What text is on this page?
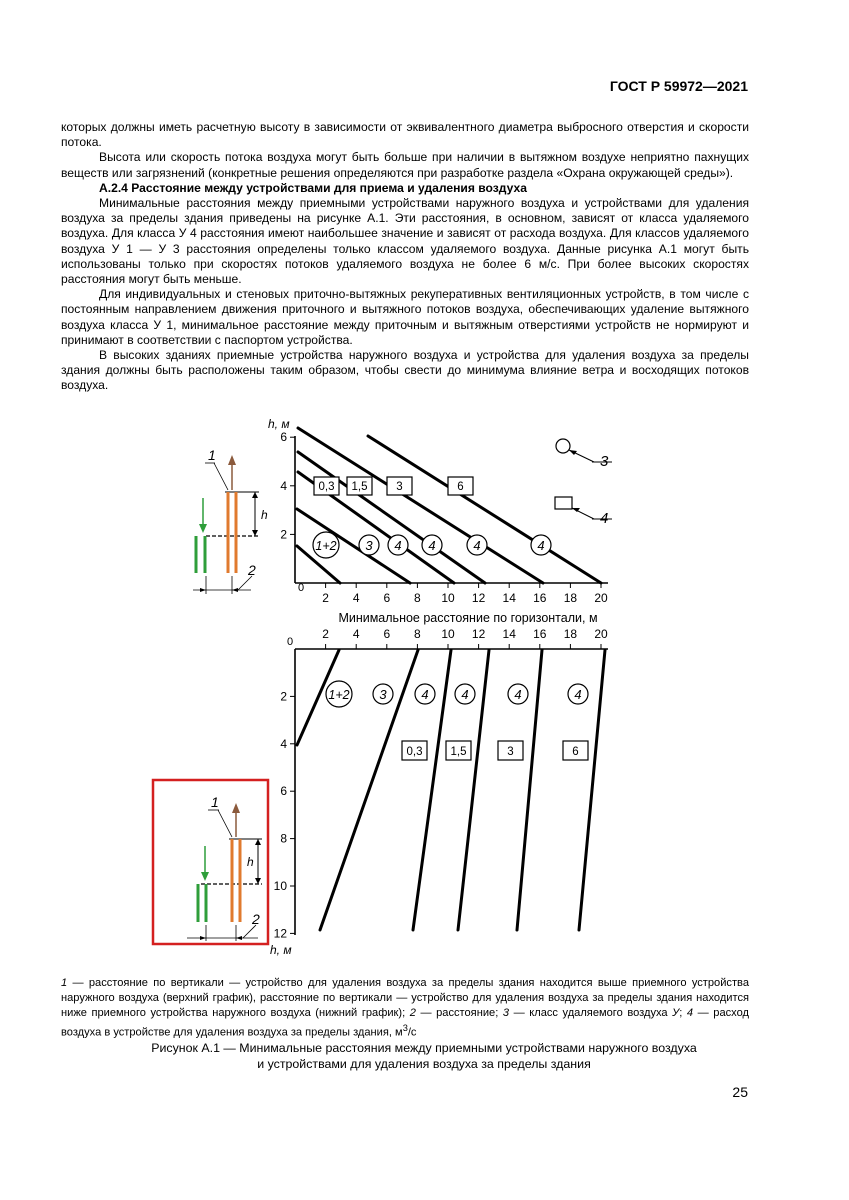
ГОСТ Р 59972—2021

которых должны иметь расчетную высоту в зависимости от эквивалентного диаметра выбросного отверстия и скорости потока.

Высота или скорость потока воздуха могут быть больше при наличии в вытяжном воздухе неприятно пахнущих веществ или загрязнений (конкретные решения определяются при разработке раздела «Охрана окружающей среды»).

А.2.4 Расстояние между устройствами для приема и удаления воздуха

Минимальные расстояния между приемными устройствами наружного воздуха и устройствами для удаления воздуха за пределы здания приведены на рисунке А.1. Эти расстояния, в основном, зависят от класса удаляемого воздуха. Для класса У 4 расстояния имеют наибольшее значение и зависят от расхода воздуха. Для классов удаляемого воздуха У 1 — У 3 расстояния определены только классом удаляемого воздуха. Данные рисунка А.1 могут быть использованы только при скоростях потоков удаляемого воздуха не более 6 м/с. При более высоких скоростях расстояния могут быть меньше.

Для индивидуальных и стеновых приточно-вытяжных рекуперативных вентиляционных устройств, в том числе с постоянным направлением движения приточного и вытяжного потоков воздуха, обеспечивающих удаление вытяжного воздуха класса У 1, минимальное расстояние между приточным и вытяжным отверстиями устройств не нормируют и принимают в соответствии с паспортом устройства.

В высоких зданиях приемные устройства наружного воздуха и устройства для удаления воздуха за пределы здания должны быть расположены таким образом, чтобы свести до минимума влияние ветра и восходящих потоков воздуха.

2 4 6 8 10 12 14 16 18 20
0
2
4
6
h, м
Минимальное расстояние по горизонтали, м
1+2 3 4 4	4	4
0,3 1,5	3	6
3
4
2 4 6 8 10 12 14 16 18 20
0
2
4
6
8
10
12
h, м
1+2 3	4	4	4	4
0,3 1,5	3	6
h
2
1
h
2
1

1 — расстояние по вертикали — устройство для удаления воздуха за пределы здания находится выше приемного устройства наружного воздуха (верхний график), расстояние по вертикали — устройство для удаления воздуха за пределы здания находится ниже приемного устройства наружного воздуха (нижний график); 2 — расстояние; 3 — класс удаляемого воздуха У; 4 — расход воздуха в устройстве для удаления воздуха за пределы здания, $м^3/с$

Рисунок А.1 — Минимальные расстояния между приемными устройствами наружного воздуха

и устройствами для удаления воздуха за пределы здания

25
